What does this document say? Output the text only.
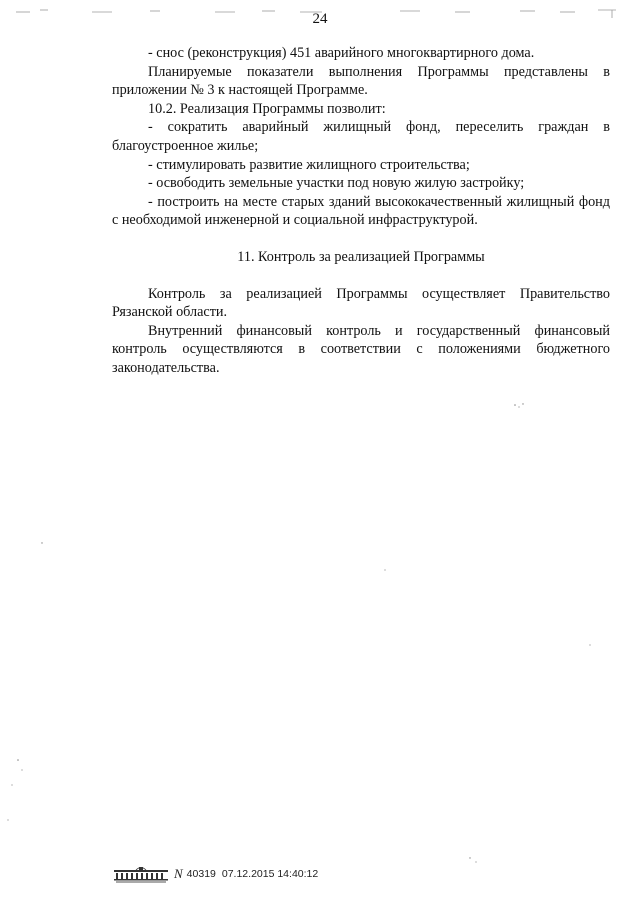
24

- снос (реконструкция) 451 аварийного многоквартирного дома.

Планируемые показатели выполнения Программы представлены в приложении № 3 к настоящей Программе.

10.2. Реализация Программы позволит:

- сократить аварийный жилищный фонд, переселить граждан в благоустроенное жилье;

- стимулировать развитие жилищного строительства;

- освободить земельные участки под новую жилую застройку;

- построить на месте старых зданий высококачественный жилищный фонд с необходимой инженерной и социальной инфраструктурой.

11. Контроль за реализацией Программы

Контроль за реализацией Программы осуществляет Правительство Рязанской области.

Внутренний финансовый контроль и государственный финансовый контроль осуществляются в соответствии с положениями бюджетного законодательства.

N 40319 07.12.2015 14:40:12
